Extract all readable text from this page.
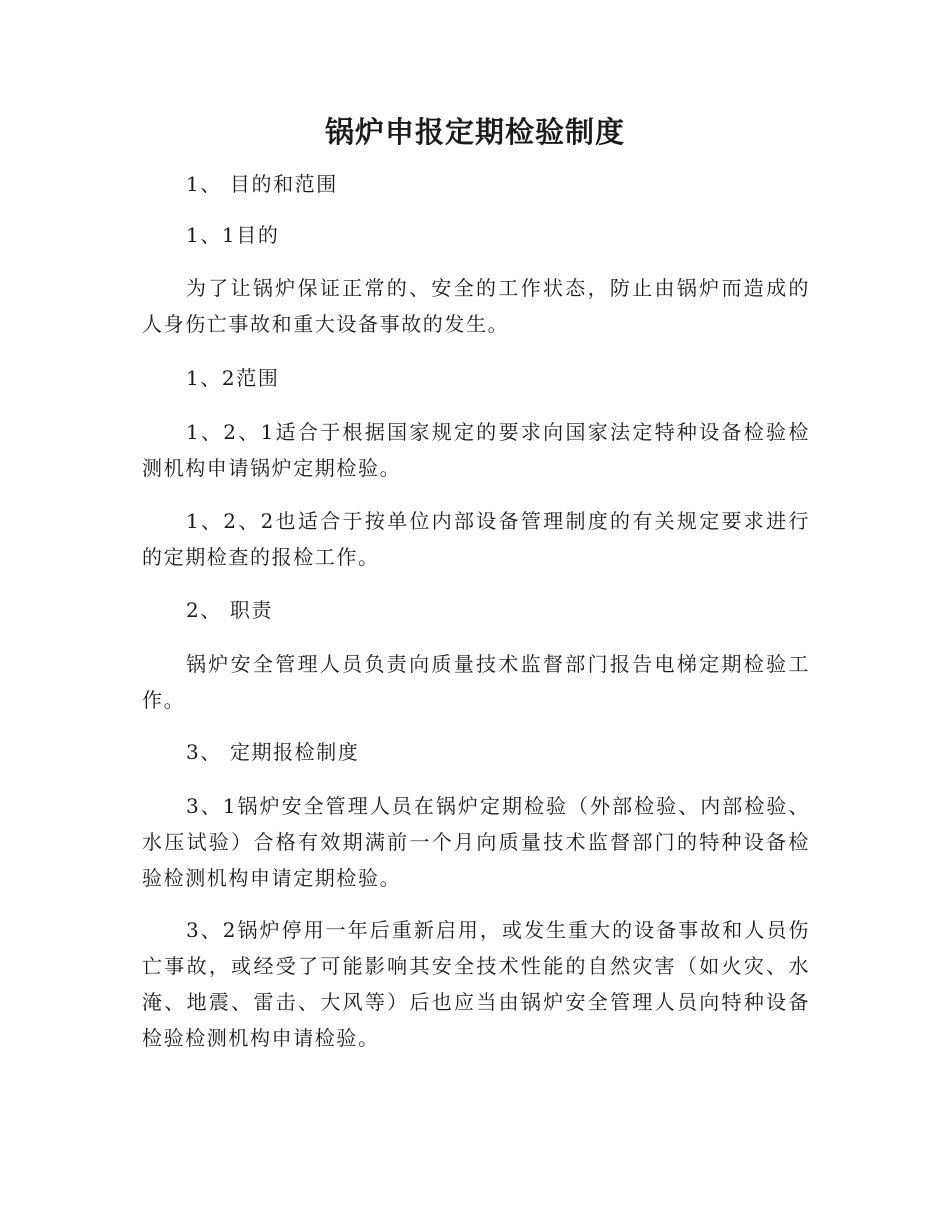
锅炉申报定期检验制度
1、 目的和范围
1、1目的
为了让锅炉保证正常的、安全的工作状态，防止由锅炉而造成的人身伤亡事故和重大设备事故的发生。
1、2范围
1、2、1适合于根据国家规定的要求向国家法定特种设备检验检测机构申请锅炉定期检验。
1、2、2也适合于按单位内部设备管理制度的有关规定要求进行的定期检查的报检工作。
2、 职责
锅炉安全管理人员负责向质量技术监督部门报告电梯定期检验工作。
3、 定期报检制度
3、1锅炉安全管理人员在锅炉定期检验（外部检验、内部检验、水压试验）合格有效期满前一个月向质量技术监督部门的特种设备检验检测机构申请定期检验。
3、2锅炉停用一年后重新启用，或发生重大的设备事故和人员伤亡事故，或经受了可能影响其安全技术性能的自然灾害（如火灾、水淹、地震、雷击、大风等）后也应当由锅炉安全管理人员向特种设备检验检测机构申请检验。
